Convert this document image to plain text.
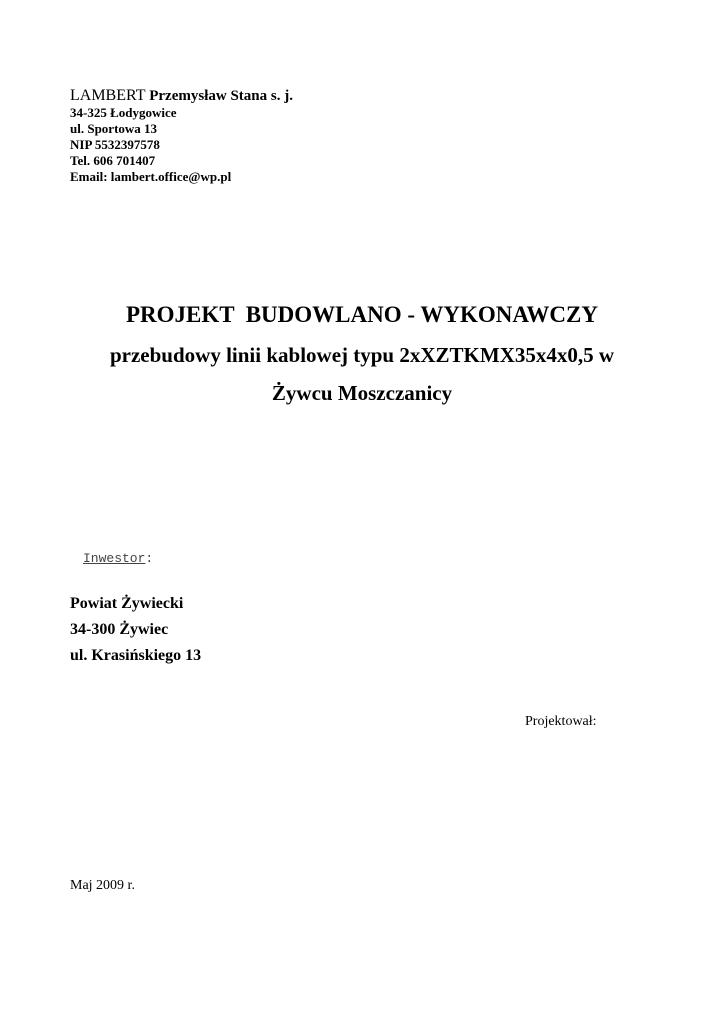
LAMBERT Przemysław Stana s. j.
34-325 Łodygowice
ul. Sportowa 13
NIP 5532397578
Tel. 606 701407
Email: lambert.office@wp.pl
PROJEKT  BUDOWLANO - WYKONAWCZY
przebudowy linii kablowej typu 2xXZTKMX35x4x0,5 w
Żywcu Moszczanicy
Inwestor:
Powiat Żywiecki
34-300 Żywiec
ul. Krasińskiego 13
Projektował:
Maj 2009 r.
